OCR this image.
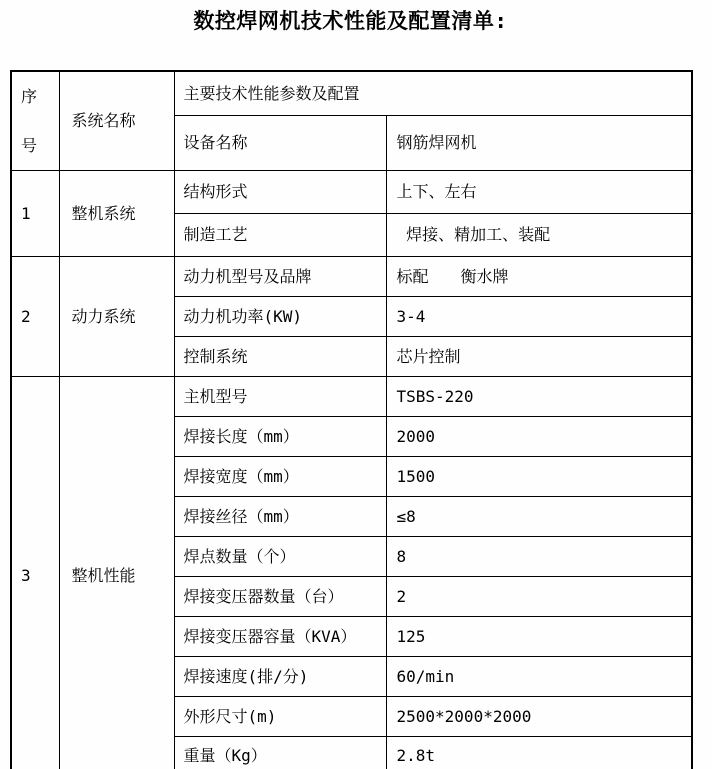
数控焊网机技术性能及配置清单:
序号	系统名称	主要技术性能参数及配置	
		设备名称	钢筋焊网机
1	整机系统	结构形式	上下、左右
		制造工艺	焊接、精加工、装配
2	动力系统	动力机型号及品牌	标配　　衡水牌
		动力机功率(KW)	3-4
		控制系统	芯片控制
3	整机性能	主机型号	TSBS-220
		焊接长度（mm）	2000
		焊接宽度（mm）	1500
		焊接丝径（mm）	≤8
		焊点数量（个）	8
		焊接变压器数量（台）	2
		焊接变压器容量（KVA）	125
		焊接速度(排/分)	60/min
		外形尺寸(m)	2500*2000*2000
		重量（Kg）	2.8t
